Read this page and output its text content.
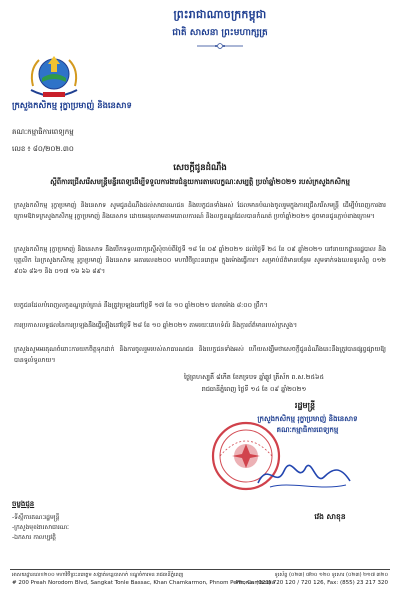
ព្រះរាជាណាចក្រកម្ពុជា
ជាតិ សាសនា ព្រះមហាក្សត្រ
ក្រសួងកសិកម្ម រុក្ខាប្រមាញ់ និងនេសាទ
គណៈកម្មាធិការពេទ្យកម្ម
លេខ ៖ ៨០/២០២.៣០
សេចក្តីជូនដំណឹង
ស្តីពីការជ្រើសរើសមន្ត្រីមន្ទីរពេទ្យដើម្បីទទួលការងារជំនួយការតាមលក្ខណៈសម្បត្តិ ប្រចាំឆ្នាំ២០២១ របស់ក្រសួងកសិកម្ម
ក្រសួងកសិកម្ម រុក្ខាប្រមាញ់ និងនេសាទ សូមជូនដំណឹងដល់សាធារណជន និងបេក្ខជនទាំងអស់ ដែលមានបំណងចូលរួមក្នុងការជ្រើសរើសមន្ត្រី ដើម្បីបំពេញការងារ ក្រោមឱវាទក្រសួងកសិកម្ម រុក្ខាប្រមាញ់ និងនេសាទ ដោយអនុលោមតាមគោលការណ៍ និងលក្ខខណ្ឌដែលបានកំណត់ ប្រចាំឆ្នាំ២០២១ ដូចមានជូនភ្ជាប់ខាងក្រោម។
ក្រសួងកសិកម្ម រុក្ខាប្រមាញ់ និងនេសាទ នឹងបើកទទួលពាក្យស្នើសុំចាប់ពីថ្ងៃទី ១៨ ខែ ០៩ ឆ្នាំ២០២១ ដល់ថ្ងៃទី ២៤ ខែ ០៩ ឆ្នាំ២០២១ នៅនាយកដ្ឋានរដ្ឋបាល និងបុគ្គលិក នៃក្រសួងកសិកម្ម រុក្ខាប្រមាញ់ និងនេសាទ អគារលេខ២០០ មហាវិថីព្រះនរោត្តម ក្នុងម៉ោងធ្វើការ។ សម្រាប់ព័ត៌មានបន្ថែម សូមទាក់ទងលេខទូរស័ព្ទ ០១២ ៩០៦ ៨៦១ និង ០១៧ ១៦ ៦៦ ៨៩។
បេក្ខជនដែលបំពេញលក្ខខណ្ឌគ្រប់គ្រាន់ នឹងត្រូវប្រឡងនៅថ្ងៃទី ១៧ ខែ ១០ ឆ្នាំ២០២១ វេលាម៉ោង ៨:០០ ព្រឹក។
ការប្រកាសលទ្ធផលនៃការប្រឡងនឹងធ្វើឡើងនៅថ្ងៃទី ២៨ ខែ ១០ ឆ្នាំ២០២១ តាមរយៈគេហទំព័រ និងក្តារព័ត៌មានរបស់ក្រសួង។
ក្រសួងសូមអរគុណចំពោះការយកចិត្តទុកដាក់ និងការចូលរួមរបស់សាធារណជន និងបេក្ខជនទាំងអស់ ហើយសង្ឃឹមថាសេចក្តីជូនដំណឹងនេះនឹងត្រូវបានផ្សព្វផ្សាយឱ្យបានទូលំទូលាយ។
ថ្ងៃព្រហស្បតិ៍ ៨កើត ខែភទ្របទ ឆ្នាំឆ្លូវ ត្រីស័ក ព.ស.២៥៦៥
រាជធានីភ្នំពេញ ថ្ងៃទី ១៤ ខែ ០៩ ឆ្នាំ២០២១
រដ្ឋមន្ត្រី
ក្រសួងកសិកម្ម រុក្ខាប្រមាញ់ និងនេសាទ
គណៈកម្មាធិការពេទ្យកម្ម
វេង សាខុន
ចម្លងជូន
-ទីស្តីការគណៈរដ្ឋមន្ត្រី
-ក្រសួងមុខងារសាធារណៈ
-ឯកសារ កាលប្បវត្តិ
អាសយដ្ឋានលេខ២០០ មហាវិថីព្រះនរោត្តម សង្កាត់ទន្លេបាសាក់ ខណ្ឌចំការមន រាជធានីភ្នំពេញ
# 200 Preah Norodom Blvd, Sangkat Tonle Bassac, Khan Chamkarmon, Phnom Penh, Cambodia
ទូរស័ព្ទ (០២៣) ៧២០ ១២០ ទូរសារ (០២៣) ២១៧ ៣២០
Phone: (023) 720 120 / 720 126, Fax: (855) 23 217 320
